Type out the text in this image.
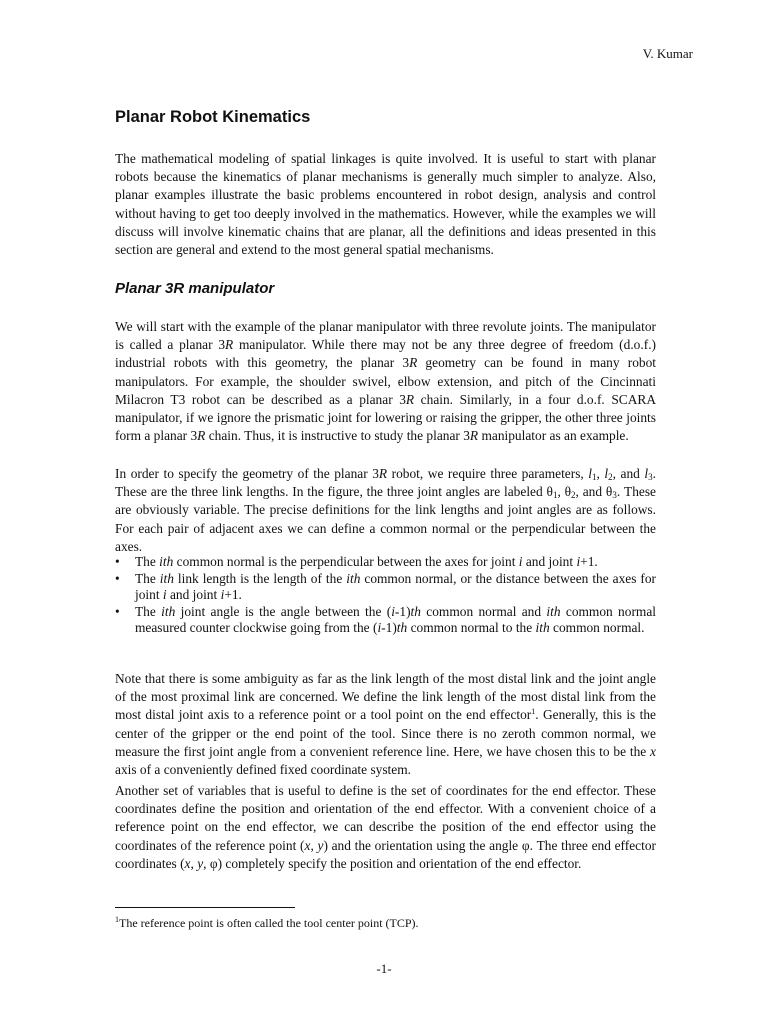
V. Kumar
Planar Robot Kinematics

The mathematical modeling of spatial linkages is quite involved. It is useful to start with planar robots because the kinematics of planar mechanisms is generally much simpler to analyze. Also, planar examples illustrate the basic problems encountered in robot design, analysis and control without having to get too deeply involved in the mathematics. However, while the examples we will discuss will involve kinematic chains that are planar, all the definitions and ideas presented in this section are general and extend to the most general spatial mechanisms.

Planar 3R manipulator

We will start with the example of the planar manipulator with three revolute joints. The manipulator is called a planar 3R manipulator. While there may not be any three degree of freedom (d.o.f.) industrial robots with this geometry, the planar 3R geometry can be found in many robot manipulators. For example, the shoulder swivel, elbow extension, and pitch of the Cincinnati Milacron T3 robot can be described as a planar 3R chain. Similarly, in a four d.o.f. SCARA manipulator, if we ignore the prismatic joint for lowering or raising the gripper, the other three joints form a planar 3R chain. Thus, it is instructive to study the planar 3R manipulator as an example.

In order to specify the geometry of the planar 3R robot, we require three parameters, $l_1$, $l_2$, and $l_3$. These are the three link lengths. In the figure, the three joint angles are labeled $\theta_1$, $\theta_2$, and $\theta_3$. These are obviously variable. The precise definitions for the link lengths and joint angles are as follows. For each pair of adjacent axes we can define a common normal or the perpendicular between the axes.

• The ith common normal is the perpendicular between the axes for joint i and joint i+1.
• The ith link length is the length of the ith common normal, or the distance between the axes for joint i and joint i+1.
• The ith joint angle is the angle between the (i-1)th common normal and ith common normal measured counter clockwise going from the (i-1)th common normal to the ith common normal.

Note that there is some ambiguity as far as the link length of the most distal link and the joint angle of the most proximal link are concerned. We define the link length of the most distal link from the most distal joint axis to a reference point or a tool point on the end effector$^1$. Generally, this is the center of the gripper or the end point of the tool. Since there is no zeroth common normal, we measure the first joint angle from a convenient reference line. Here, we have chosen this to be the x axis of a conveniently defined fixed coordinate system.

Another set of variables that is useful to define is the set of coordinates for the end effector. These coordinates define the position and orientation of the end effector. With a convenient choice of a reference point on the end effector, we can describe the position of the end effector using the coordinates of the reference point (x, y) and the orientation using the angle φ. The three end effector coordinates (x, y, φ) completely specify the position and orientation of the end effector.

$^1$The reference point is often called the tool center point (TCP).
-1-
